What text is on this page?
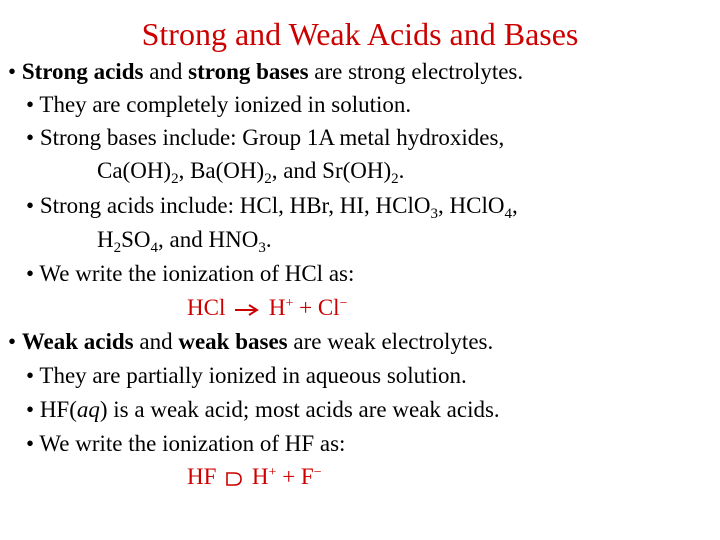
Strong and Weak Acids and Bases
• Strong acids and strong bases are strong electrolytes.
• They are completely ionized in solution.
• Strong bases include: Group 1A metal hydroxides,
$Ca(OH)_2$, $Ba(OH)_2$, and $Sr(OH)_2$.
• Strong acids include: HCl, HBr, HI, HClO$_3$, HClO$_4$,
$H_2SO_4$, and $HNO_3$.
• We write the ionization of HCl as:
HCl H+ + Cl−
• Weak acids and weak bases are weak electrolytes.
• They are partially ionized in aqueous solution.
• HF(aq) is a weak acid; most acids are weak acids.
• We write the ionization of HF as:
HF H+ + F−
